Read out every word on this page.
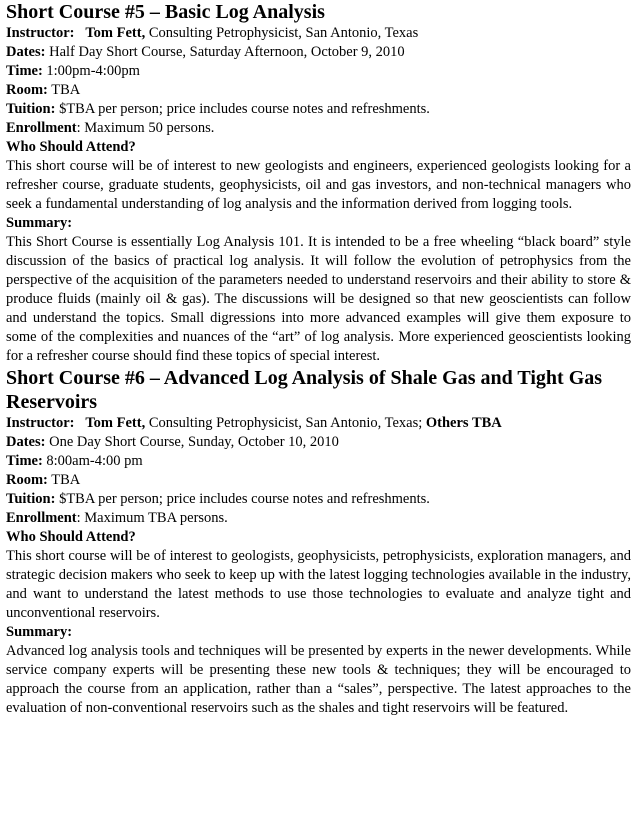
Short Course #5 – Basic Log Analysis

Instructor: Tom Fett, Consulting Petrophysicist, San Antonio, Texas

Dates: Half Day Short Course, Saturday Afternoon, October 9, 2010

Time: 1:00pm-4:00pm

Room: TBA

Tuition: $TBA per person; price includes course notes and refreshments.

Enrollment: Maximum 50 persons.

Who Should Attend?

This short course will be of interest to new geologists and engineers, experienced geologists looking for a refresher course, graduate students, geophysicists, oil and gas investors, and non-technical managers who seek a fundamental understanding of log analysis and the information derived from logging tools.

Summary:

This Short Course is essentially Log Analysis 101. It is intended to be a free wheeling “black board” style discussion of the basics of practical log analysis. It will follow the evolution of petrophysics from the perspective of the acquisition of the parameters needed to understand reservoirs and their ability to store & produce fluids (mainly oil & gas). The discussions will be designed so that new geoscientists can follow and understand the topics. Small digressions into more advanced examples will give them exposure to some of the complexities and nuances of the “art” of log analysis. More experienced geoscientists looking for a refresher course should find these topics of special interest.

Short Course #6 – Advanced Log Analysis of Shale Gas and Tight Gas Reservoirs

Instructor: Tom Fett, Consulting Petrophysicist, San Antonio, Texas; Others TBA

Dates: One Day Short Course, Sunday, October 10, 2010

Time: 8:00am-4:00 pm

Room: TBA

Tuition: $TBA per person; price includes course notes and refreshments.

Enrollment: Maximum TBA persons.

Who Should Attend?

This short course will be of interest to geologists, geophysicists, petrophysicists, exploration managers, and strategic decision makers who seek to keep up with the latest logging technologies available in the industry, and want to understand the latest methods to use those technologies to evaluate and analyze tight and unconventional reservoirs.

Summary:

Advanced log analysis tools and techniques will be presented by experts in the newer developments. While service company experts will be presenting these new tools & techniques; they will be encouraged to approach the course from an application, rather than a “sales”, perspective. The latest approaches to the evaluation of non-conventional reservoirs such as the shales and tight reservoirs will be featured.
